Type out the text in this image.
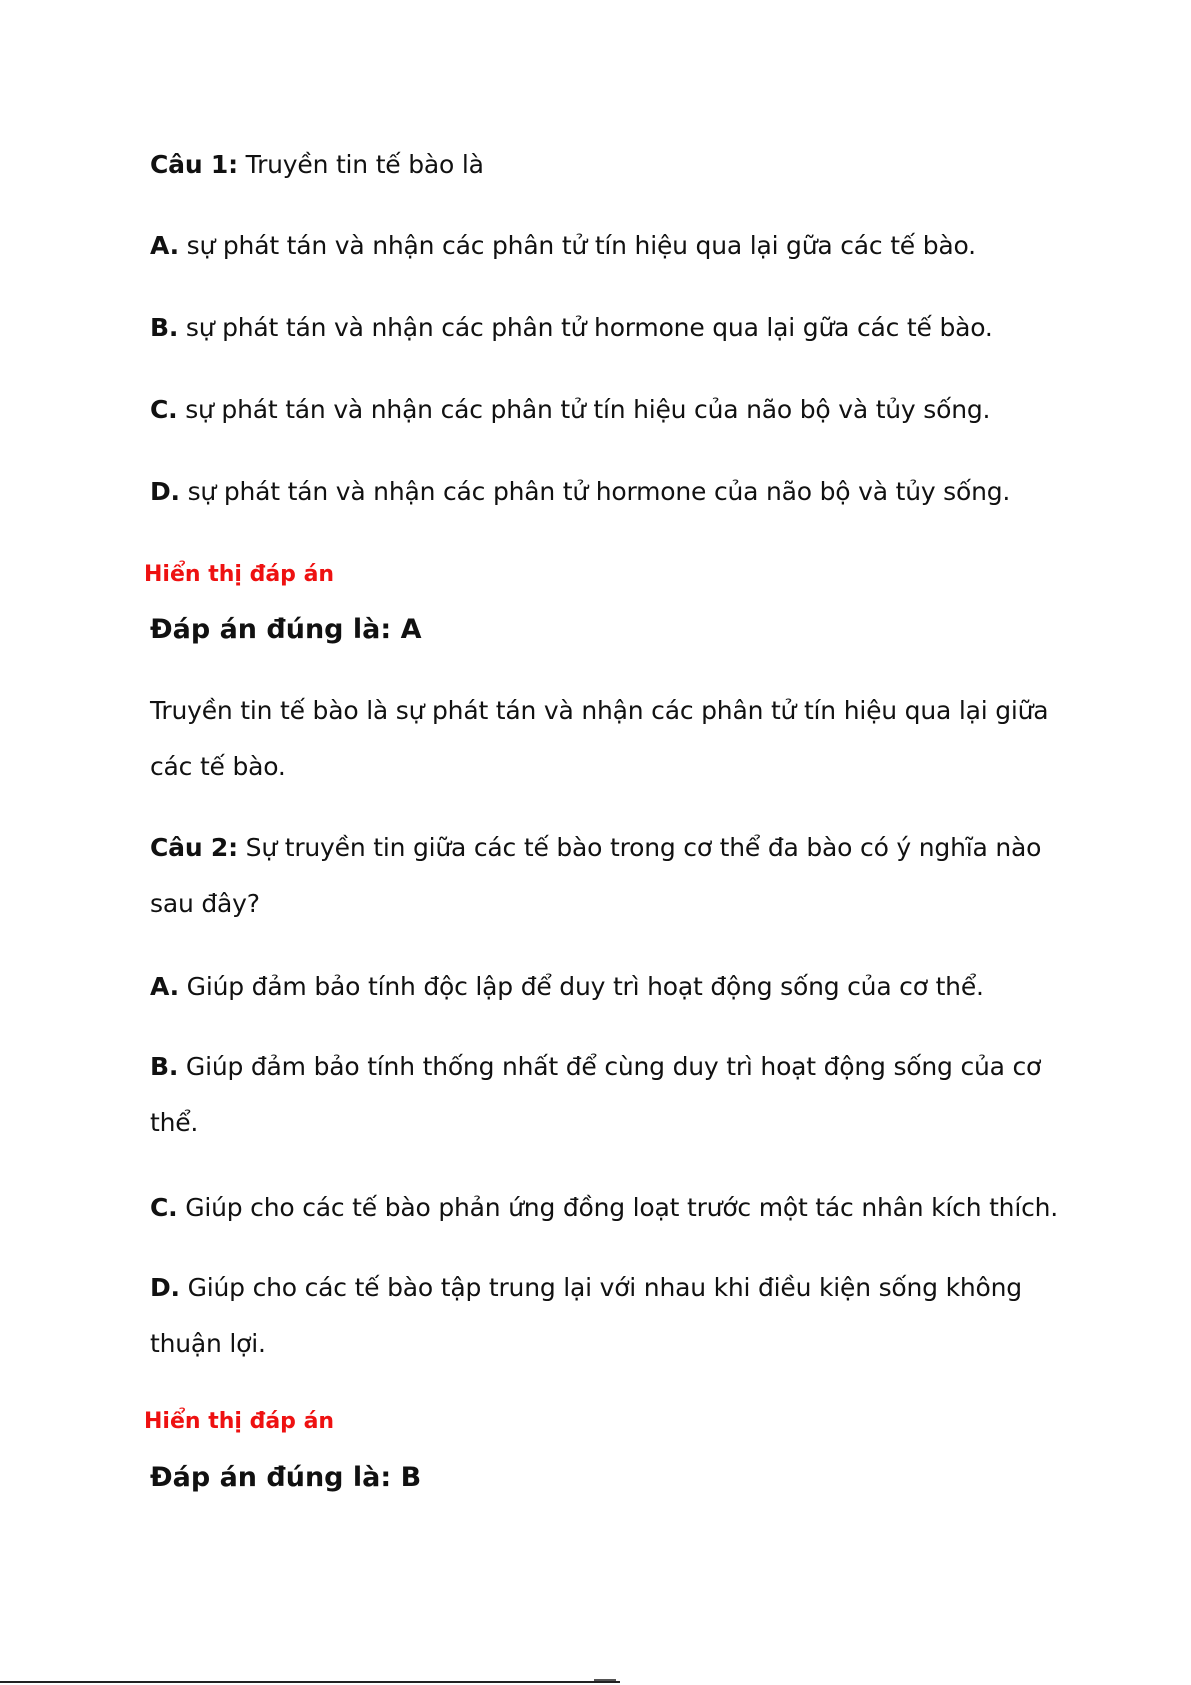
Câu 1: Truyền tin tế bào là
A. sự phát tán và nhận các phân tử tín hiệu qua lại gữa các tế bào.
B. sự phát tán và nhận các phân tử hormone qua lại gữa các tế bào.
C. sự phát tán và nhận các phân tử tín hiệu của não bộ và tủy sống.
D. sự phát tán và nhận các phân tử hormone của não bộ và tủy sống.
Hiển thị đáp án
Đáp án đúng là: A
Truyền tin tế bào là sự phát tán và nhận các phân tử tín hiệu qua lại giữa các tế bào.
Câu 2: Sự truyền tin giữa các tế bào trong cơ thể đa bào có ý nghĩa nào sau đây?
A. Giúp đảm bảo tính độc lập để duy trì hoạt động sống của cơ thể.
B. Giúp đảm bảo tính thống nhất để cùng duy trì hoạt động sống của cơ thể.
C. Giúp cho các tế bào phản ứng đồng loạt trước một tác nhân kích thích.
D. Giúp cho các tế bào tập trung lại với nhau khi điều kiện sống không thuận lợi.
Hiển thị đáp án
Đáp án đúng là: B
